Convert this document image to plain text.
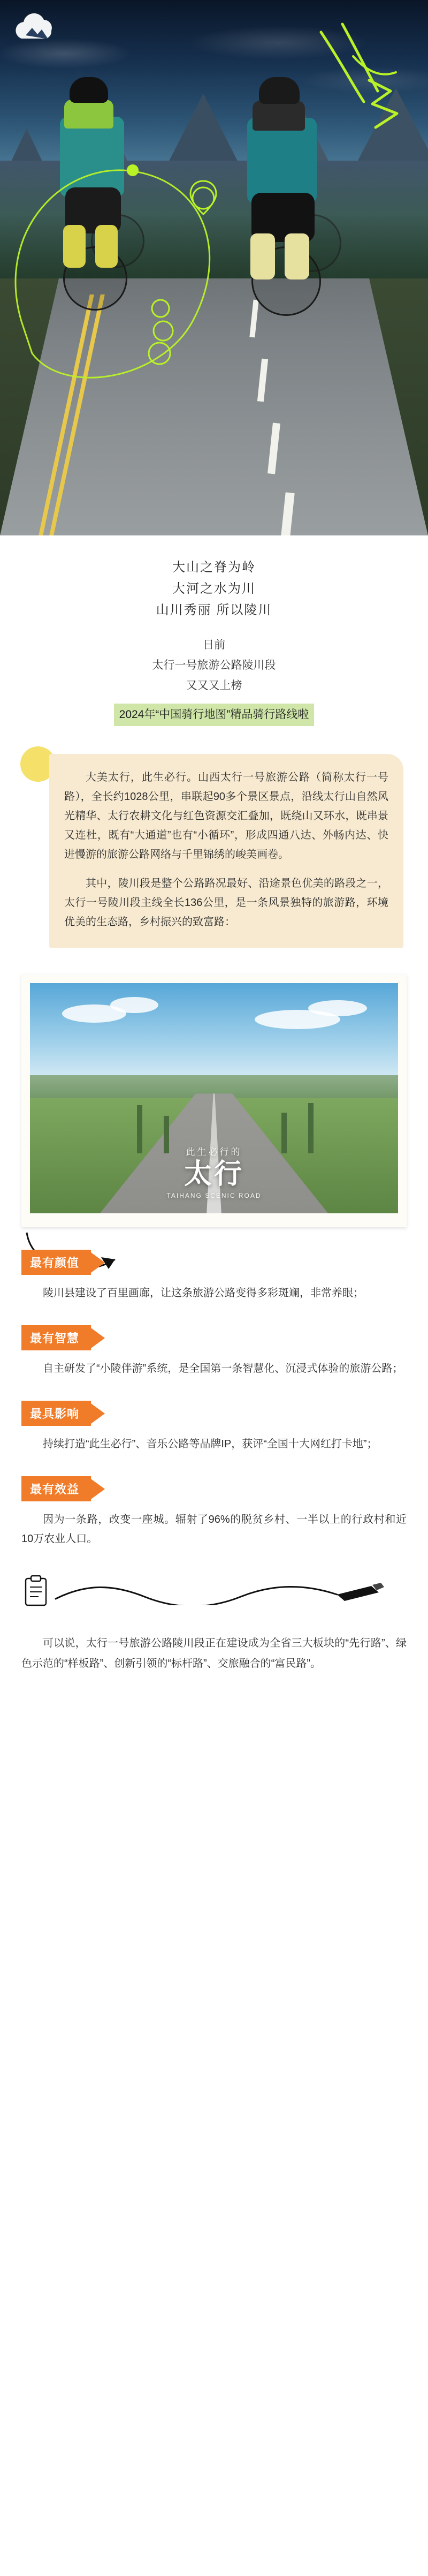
大山之脊为岭
大河之水为川
山川秀丽 所以陵川
日前
太行一号旅游公路陵川段
又又又上榜
2024年“中国骑行地图”精品骑行路线啦

大美太行，此生必行。山西太行一号旅游公路（简称太行一号路），全长约1028公里，串联起90多个景区景点，沿线太行山自然风光精华、太行农耕文化与红色资源交汇叠加，既绕山又环水，既串景又连杜，既有“大通道”也有“小循环”，形成四通八达、外畅内达、快进慢游的旅游公路网络与千里锦绣的峻美画卷。

其中，陵川段是整个公路路况最好、沿途景色优美的路段之一，太行一号陵川段主线全长136公里，是一条风景独特的旅游路，环境优美的生态路，乡村振兴的致富路：

此生必行的
太行
TAIHANG SCENIC ROAD
最有颜值

陵川县建设了百里画廊，让这条旅游公路变得多彩斑斓，非常养眼；

最有智慧

自主研发了“小陵伴游”系统，是全国第一条智慧化、沉浸式体验的旅游公路；

最具影响

持续打造“此生必行”、音乐公路等品牌IP，获评“全国十大网红打卡地”；

最有效益

因为一条路，改变一座城。辐射了96%的脱贫乡村、一半以上的行政村和近10万农业人口。

可以说，太行一号旅游公路陵川段正在建设成为全省三大板块的“先行路”、绿色示范的“样板路”、创新引领的“标杆路”、交旅融合的“富民路”。
